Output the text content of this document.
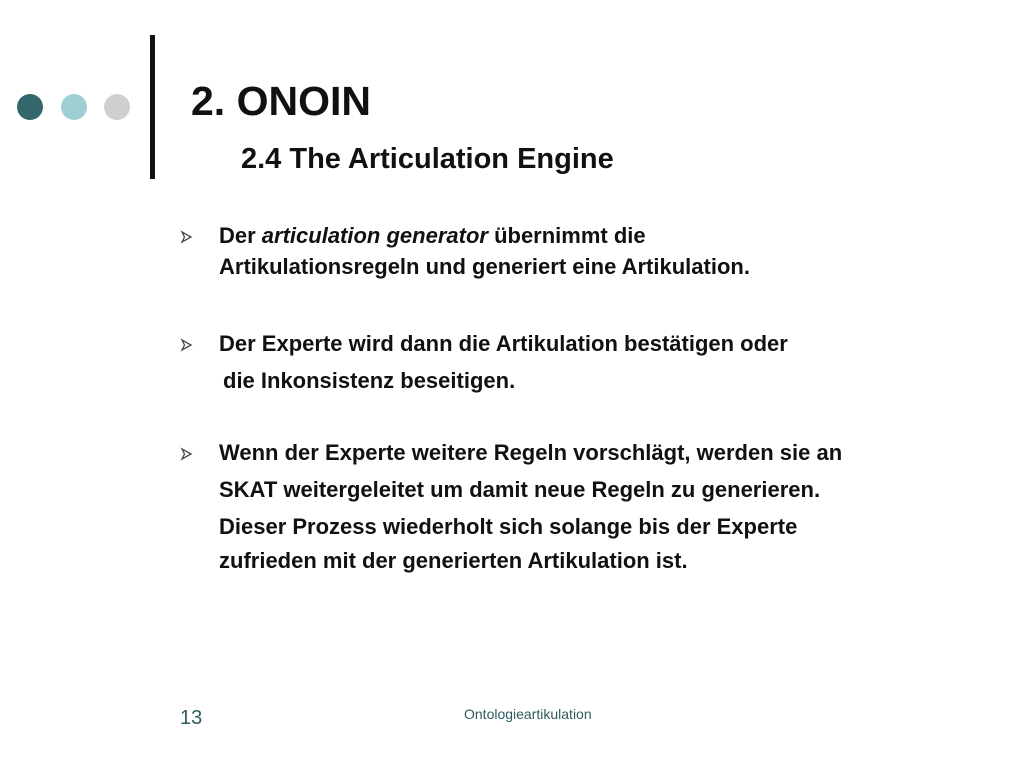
2. ONOIN
2.4 The Articulation Engine
Der articulation generator übernimmt die
Artikulationsregeln und generiert eine Artikulation.
Der Experte wird dann die Artikulation bestätigen oder
die Inkonsistenz beseitigen.
Wenn der Experte weitere Regeln vorschlägt, werden sie an
SKAT weitergeleitet um damit neue Regeln zu generieren.
Dieser Prozess wiederholt sich solange bis der Experte
zufrieden mit der generierten Artikulation ist.
13	Ontologieartikulation
